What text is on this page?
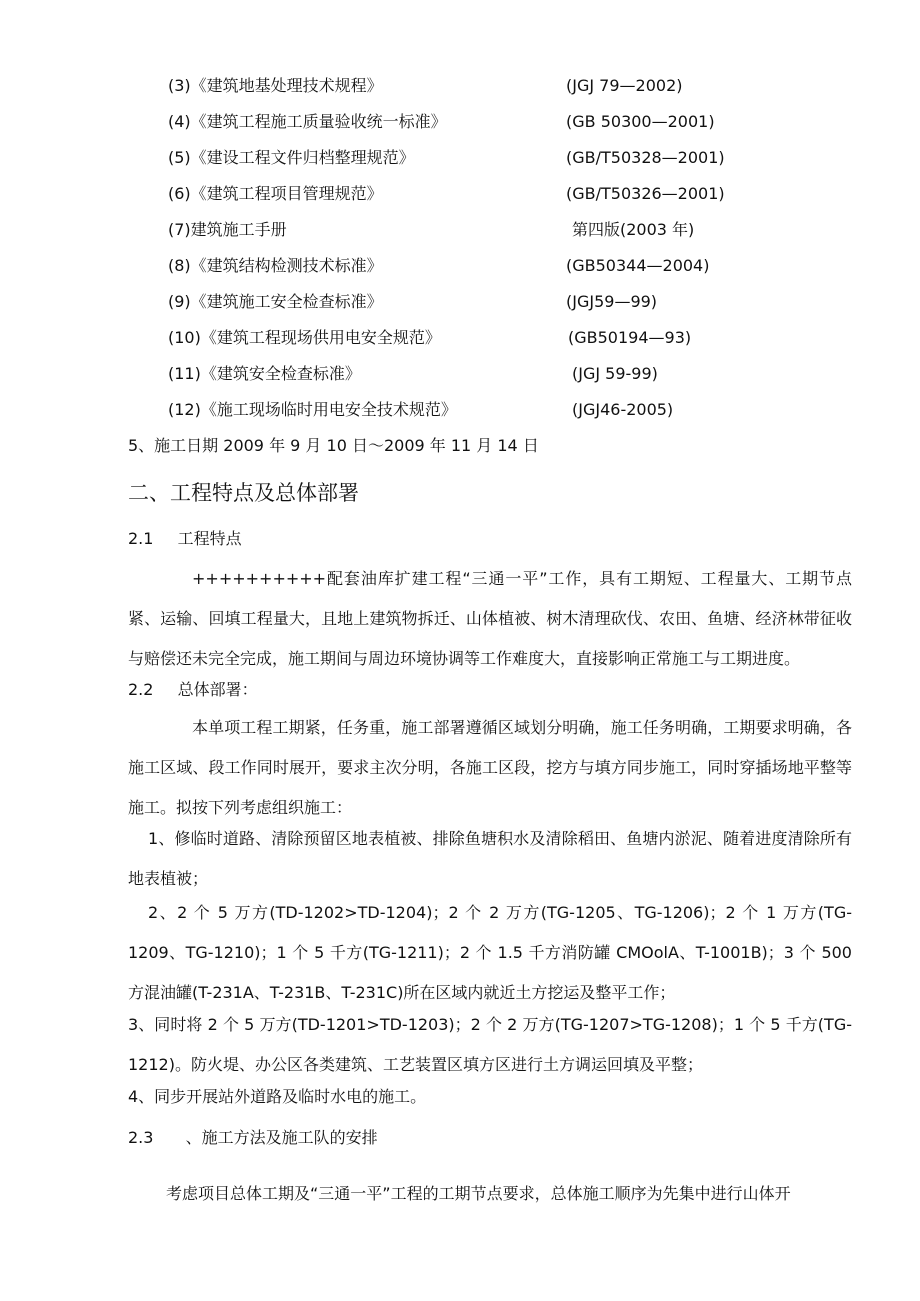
(3)《建筑地基处理技术规程》	(JGJ 79—2002)
(4)《建筑工程施工质量验收统一标准》	(GB 50300—2001)
(5)《建设工程文件归档整理规范》	(GB/T50328—2001)
(6)《建筑工程项目管理规范》	(GB/T50326—2001)
(7)建筑施工手册	第四版(2003 年)
(8)《建筑结构检测技术标准》	(GB50344—2004)
(9)《建筑施工安全检查标准》	(JGJ59—99)
(10)《建筑工程现场供用电安全规范》	(GB50194—93)
(11)《建筑安全检查标准》	(JGJ 59-99)
(12)《施工现场临时用电安全技术规范》	(JGJ46-2005)
5、施工日期 2009 年 9 月 10 日～2009 年 11 月 14 日
二、工程特点及总体部署
2.1 工程特点
++++++++++配套油库扩建工程“三通一平”工作，具有工期短、工程量大、工期节点紧、运输、回填工程量大，且地上建筑物拆迁、山体植被、树木清理砍伐、农田、鱼塘、经济林带征收与赔偿还未完全完成，施工期间与周边环境协调等工作难度大，直接影响正常施工与工期进度。
2.2 总体部署：
本单项工程工期紧，任务重，施工部署遵循区域划分明确，施工任务明确，工期要求明确，各施工区域、段工作同时展开，要求主次分明，各施工区段，挖方与填方同步施工，同时穿插场地平整等施工。拟按下列考虑组织施工：
1、修临时道路、清除预留区地表植被、排除鱼塘积水及清除稻田、鱼塘内淤泥、随着进度清除所有地表植被；
2、2 个 5 万方(TD-1202>TD-1204)；2 个 2 万方(TG-1205、TG-1206)；2 个 1 万方(TG-1209、TG-1210)；1 个 5 千方(TG-1211)；2 个 1.5 千方消防罐 CMOolA、T-1001B)；3 个 500 方混油罐(T-231A、T-231B、T-231C)所在区域内就近土方挖运及整平工作；
3、同时将 2 个 5 万方(TD-1201>TD-1203)；2 个 2 万方(TG-1207>TG-1208)；1 个 5 千方(TG-1212)。防火堤、办公区各类建筑、工艺装置区填方区进行土方调运回填及平整；
4、同步开展站外道路及临时水电的施工。
2.3 、施工方法及施工队的安排
考虑项目总体工期及“三通一平”工程的工期节点要求，总体施工顺序为先集中进行山体开
